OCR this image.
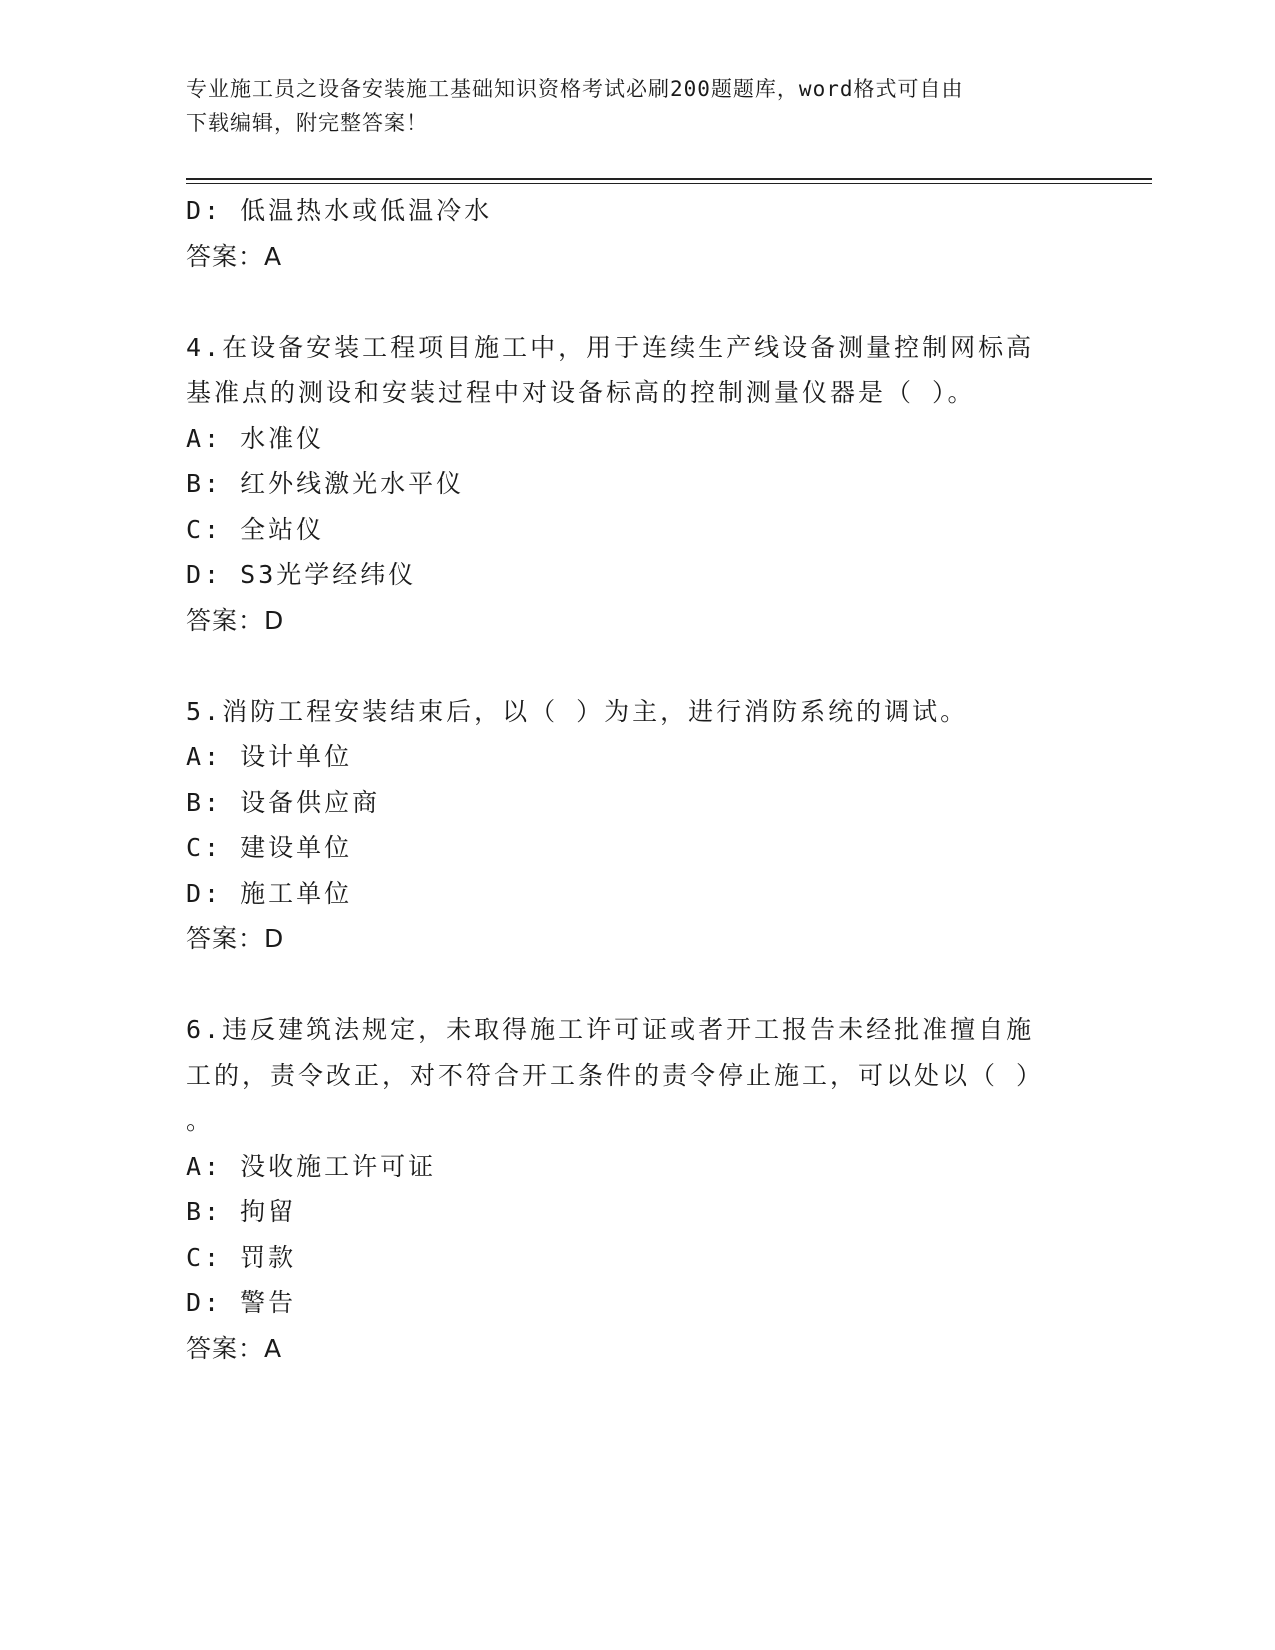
专业施工员之设备安装施工基础知识资格考试必刷200题题库，word格式可自由
下载编辑，附完整答案！
D: 低温热水或低温冷水
答案：A
4.在设备安装工程项目施工中，用于连续生产线设备测量控制网标高
基准点的测设和安装过程中对设备标高的控制测量仪器是（ ）。
A: 水准仪
B: 红外线激光水平仪
C: 全站仪
D: S3光学经纬仪
答案：D
5.消防工程安装结束后，以（ ）为主，进行消防系统的调试。
A: 设计单位
B: 设备供应商
C: 建设单位
D: 施工单位
答案：D
6.违反建筑法规定，未取得施工许可证或者开工报告未经批准擅自施
工的，责令改正，对不符合开工条件的责令停止施工，可以处以（ ）
。
A: 没收施工许可证
B: 拘留
C: 罚款
D: 警告
答案：A
